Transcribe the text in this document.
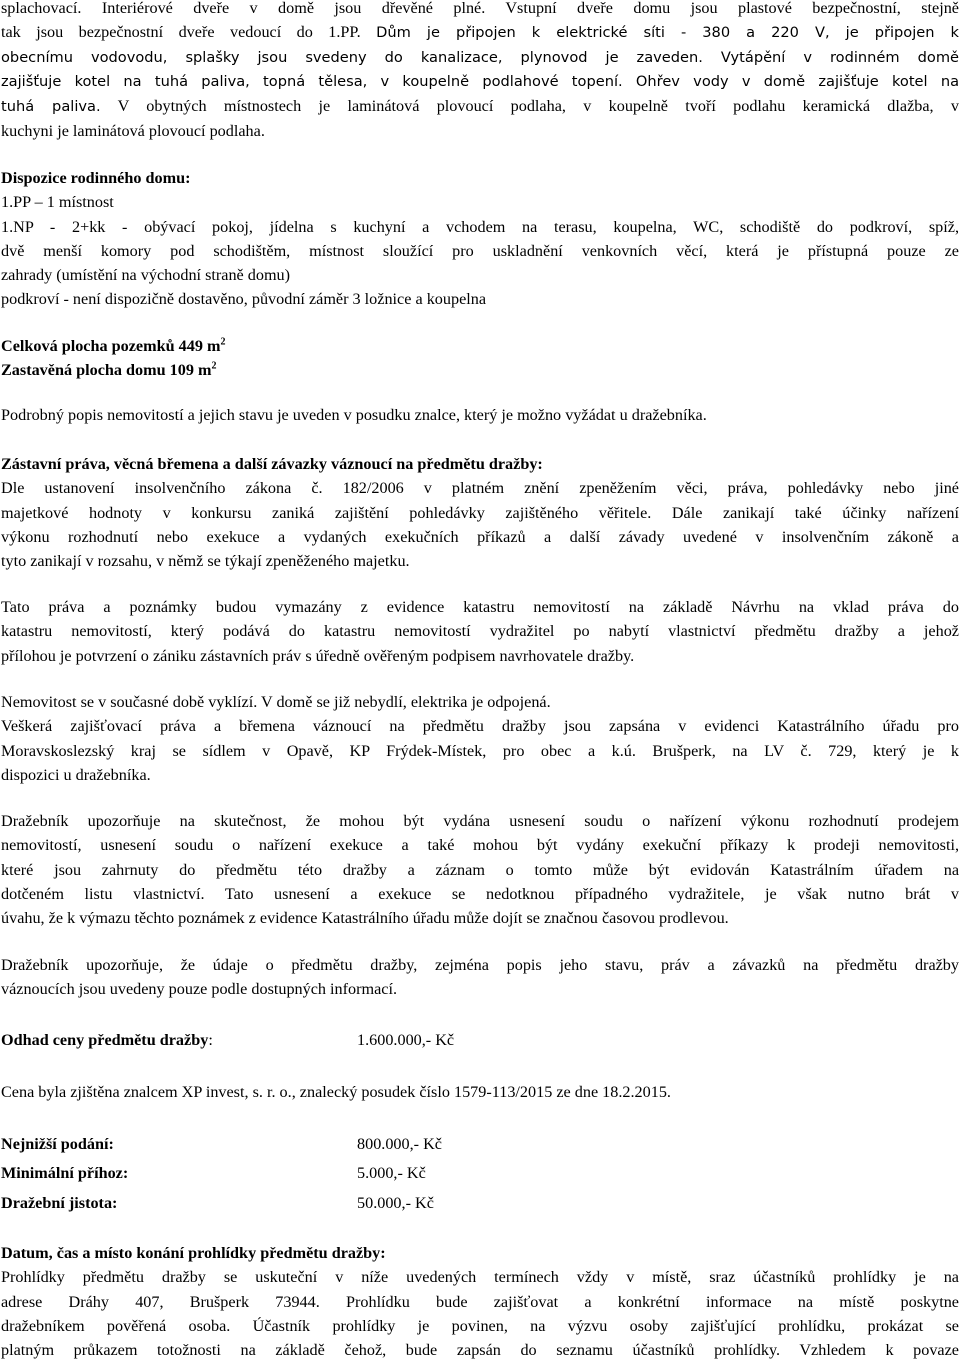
splachovací. Interiérové dveře v domě jsou dřevěné plné. Vstupní dveře domu jsou plastové bezpečnostní, stejně
tak jsou bezpečnostní dveře vedoucí do 1.PP. Dům je připojen k elektrické síti - 380 a 220 V, je připojen k
obecnímu vodovodu, splašky jsou svedeny do kanalizace, plynovod je zaveden. Vytápění v rodinném domě
zajišťuje kotel na tuhá paliva, topná tělesa, v koupelně podlahové topení. Ohřev vody v domě zajišťuje kotel na
tuhá paliva. V obytných místnostech je laminátová plovoucí podlaha, v koupelně tvoří podlahu keramická dlažba, v
kuchyni je laminátová plovoucí podlaha.
Dispozice rodinného domu:
1.PP – 1 místnost
1.NP - 2+kk - obývací pokoj, jídelna s kuchyní a vchodem na terasu, koupelna, WC, schodiště do podkroví, spíž,
dvě menší komory pod schodištěm, místnost sloužící pro uskladnění venkovních věcí, která je přístupná pouze ze
zahrady (umístění na východní straně domu)
podkroví - není dispozičně dostavěno, původní záměr 3 ložnice a koupelna
Celková plocha pozemků 449 $m^2$
Zastavěná plocha domu 109 $m^2$
Podrobný popis nemovitostí a jejich stavu je uveden v posudku znalce, který je možno vyžádat u dražebníka.
Zástavní práva, věcná břemena a další závazky váznoucí na předmětu dražby:
Dle ustanovení insolvenčního zákona č. 182/2006 v platném znění zpeněžením věci, práva, pohledávky nebo jiné
majetkové hodnoty v konkursu zaniká zajištění pohledávky zajištěného věřitele. Dále zanikají také účinky nařízení
výkonu rozhodnutí nebo exekuce a vydaných exekučních příkazů a další závady uvedené v insolvenčním zákoně a
tyto zanikají v rozsahu, v němž se týkají zpeněženého majetku.
Tato práva a poznámky budou vymazány z evidence katastru nemovitostí na základě Návrhu na vklad práva do
katastru nemovitostí, který podává do katastru nemovitostí vydražitel po nabytí vlastnictví předmětu dražby a jehož
přílohou je potvrzení o zániku zástavních práv s úředně ověřeným podpisem navrhovatele dražby.
Nemovitost se v současné době vyklízí. V domě se již nebydlí, elektrika je odpojená.
Veškerá zajišťovací práva a břemena váznoucí na předmětu dražby jsou zapsána v evidenci Katastrálního úřadu pro
Moravskoslezský kraj se sídlem v Opavě, KP Frýdek-Místek, pro obec a k.ú. Brušperk, na LV č. 729, který je k
dispozici u dražebníka.
Dražebník upozorňuje na skutečnost, že mohou být vydána usnesení soudu o nařízení výkonu rozhodnutí prodejem
nemovitostí, usnesení soudu o nařízení exekuce a také mohou být vydány exekuční příkazy k prodeji nemovitosti,
které jsou zahrnuty do předmětu této dražby a záznam o tomto může být evidován Katastrálním úřadem na
dotčeném listu vlastnictví. Tato usnesení a exekuce se nedotknou případného vydražitele, je však nutno brát v
úvahu, že k výmazu těchto poznámek z evidence Katastrálního úřadu může dojít se značnou časovou prodlevou.
Dražebník upozorňuje, že údaje o předmětu dražby, zejména popis jeho stavu, práv a závazků na předmětu dražby
váznoucích jsou uvedeny pouze podle dostupných informací.
Odhad ceny předmětu dražby:	1.600.000,- Kč
Cena byla zjištěna znalcem XP invest, s. r. o., znalecký posudek číslo 1579-113/2015 ze dne 18.2.2015.
Nejnižší podání:	800.000,- Kč
Minimální příhoz:	5.000,- Kč
Dražební jistota:	50.000,- Kč
Datum, čas a místo konání prohlídky předmětu dražby:
Prohlídky předmětu dražby se uskuteční v níže uvedených termínech vždy v místě, sraz účastníků prohlídky je na
adrese Dráhy 407, Brušperk 73944. Prohlídku bude zajišťovat a konkrétní informace na místě poskytne
dražebníkem pověřená osoba. Účastník prohlídky je povinen, na výzvu osoby zajišťující prohlídku, prokázat se
platným průkazem totožnosti na základě čehož, bude zapsán do seznamu účastníků prohlídky. Vzhledem k povaze
